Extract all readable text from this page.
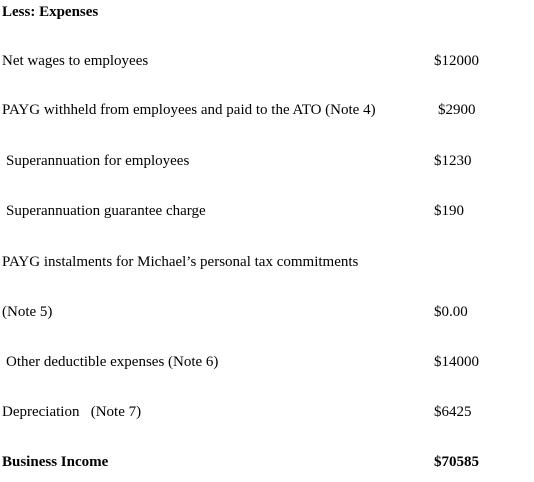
Less: Expenses
Net wages to employees	$12000
PAYG withheld from employees and paid to the ATO (Note 4)	$2900
Superannuation for employees	$1230
Superannuation guarantee charge	$190
PAYG instalments for Michael’s personal tax commitments
(Note 5)	$0.00
Other deductible expenses (Note 6)	$14000
Depreciation   (Note 7)	$6425
Business Income	$70585
